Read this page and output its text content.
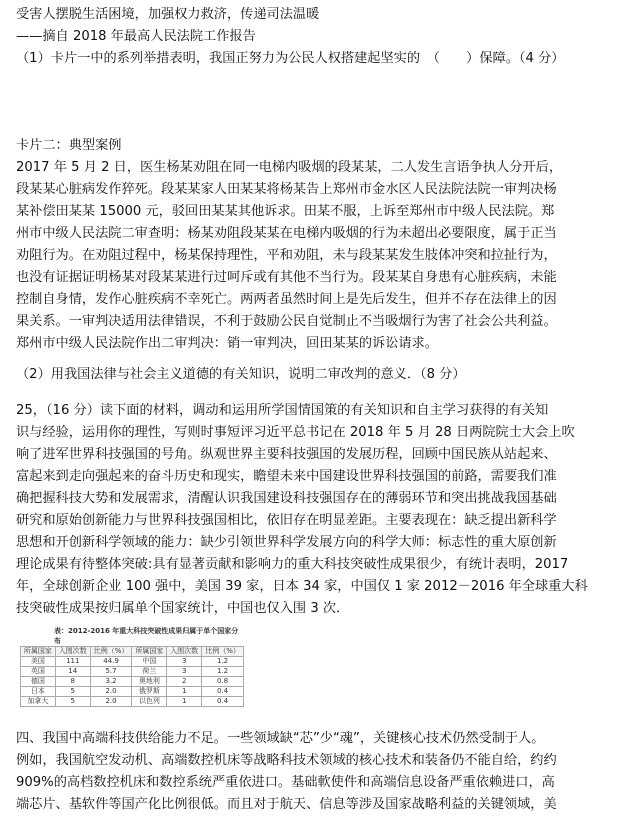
受害人摆脱生活困境，加强权力救济，传递司法温暖
——摘自 2018 年最高人民法院工作报告
（1）卡片一中的系列举措表明，我国正努力为公民人权搭建起坚实的　（　　）保障。（4 分）
卡片二：典型案例
2017 年 5 月 2 日，医生杨某劝阻在同一电梯内吸烟的段某某，二人发生言语争执人分开后，
段某某心脏病发作猝死。段某某家人田某某将杨某告上郑州市金水区人民法院法院一审判决杨
某补偿田某某 15000 元，驳回田某某其他诉求。田某不服，上诉至郑州市中级人民法院。郑
州市中级人民法院二审查明：杨某劝阻段某某在电梯内吸烟的行为未超出必要限度，属于正当
劝阻行为。在劝阻过程中，杨某保持理性，平和劝阻，未与段某某发生肢体冲突和拉扯行为，
也没有证据证明杨某对段某某进行过呵斥或有其他不当行为。段某某自身患有心脏疾病，未能
控制自身情，发作心脏疾病不幸死亡。两两者虽然时间上是先后发生，但并不存在法律上的因
果关系。一审判决适用法律错误，不利于鼓励公民自觉制止不当吸烟行为害了社会公共利益。
郑州市中级人民法院作出二审判决：销一审判决，回田某某的诉讼请求。
（2）用我国法律与社会主义道德的有关知识，说明二审改判的意义．（8 分）
25，（16 分）读下面的材料，调动和运用所学国情国策的有关知识和自主学习获得的有关知
识与经验，运用你的理性，写则时事短评习近平总书记在 2018 年 5 月 28 日两院院士大会上吹
响了进军世界科技强国的号角。纵观世界主要科技强国的发展历程，回顾中国民族从站起来、
富起来到走向强起来的奋斗历史和现实，瞻望未来中国建设世界科技强国的前路，需要我们准
确把握科技大势和发展需求，清醒认识我国建设科技强国存在的薄弱环节和突出挑战我国基础
研究和原始创新能力与世界科技强国相比，依旧存在明显差距。主要表现在：缺乏提出新科学
思想和开创新科学领域的能力：缺少引领世界科学发展方向的科学大师：标志性的重大原创新
理论成果有待整体突破:具有显著贡献和影响力的重大科技突破性成果很少，有统计表明，2017
年，全球创新企业 100 强中，美国 39 家，日本 34 家，中国仅 1 家 2012－2016 年全球重大科
技突破性成果按归属单个国家统计，中国也仅入围 3 次．
表：2012-2016 年重大科技突破性成果归属于单个国家分布
所属国家	入围次数	比例（%）	所属国家	入围次数	比例（%）
美国	111	44.9	中国	3	1.2
英国	14	5.7	荷兰	3	1.2
德国	8	3.2	奥地利	2	0.8
日本	5	2.0	俄罗斯	1	0.4
加拿大	5	2.0	以色列	1	0.4
四、我国中高端科技供给能力不足。一些领域缺“芯”少“魂”，关键核心技术仍然受制于人。
例如，我国航空发动机、高端数控机床等战略科技术领域的核心技术和装备仍不能自给，约约
909%的高档数控机床和数控系统严重依进口。基础軟使件和高端信息设备严重依赖进口，高
端芯片、基软件等国产化比例很低。而且对于航天、信息等涉及国家战略利益的关键领域，美
